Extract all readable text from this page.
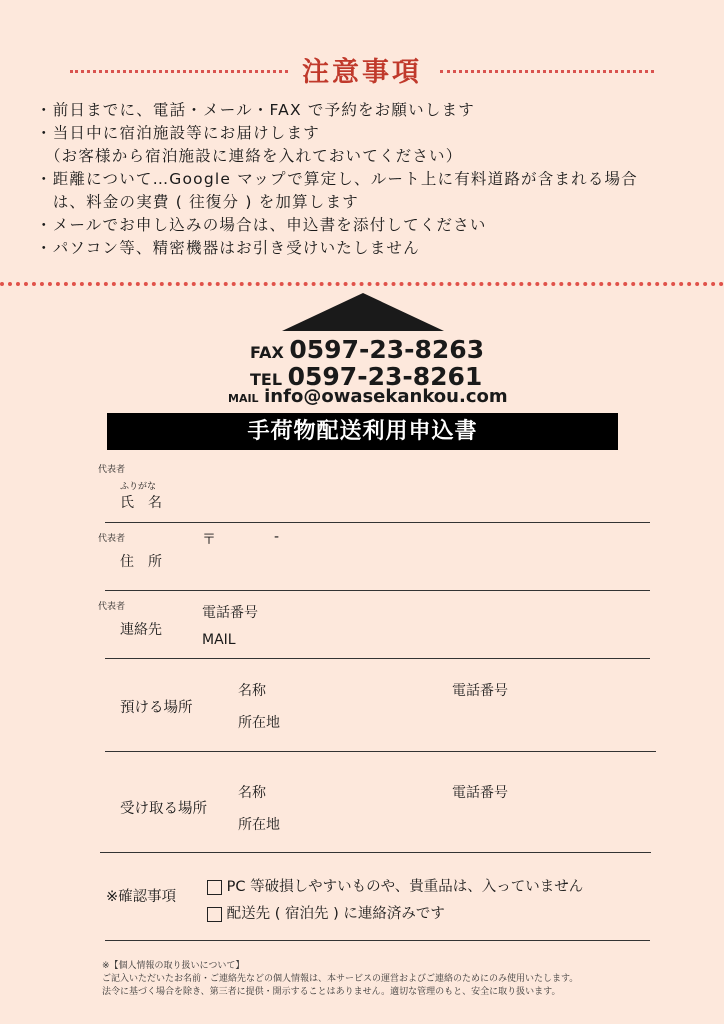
注意事項
・前日までに、電話・メール・FAX で予約をお願いします
・当日中に宿泊施設等にお届けします
　（お客様から宿泊施設に連絡を入れておいてください）
・距離について…Google マップで算定し、ルート上に有料道路が含まれる場合
　は、料金の実費 ( 往復分 ) を加算します
・メールでお申し込みの場合は、申込書を添付してください
・パソコン等、精密機器はお引き受けいたしません
FAX 0597-23-8263
TEL 0597-23-8261
MAIL info@owasekankou.com
手荷物配送利用申込書
代表者
ふりがな
氏　名
代表者	〒	-
住　所
代表者	電話番号
連絡先
MAIL
名称	電話番号
預ける場所
所在地
名称	電話番号
受け取る場所
所在地
※確認事項
PC 等破損しやすいものや、貴重品は、入っていません
配送先 ( 宿泊先 ) に連絡済みです
※【個人情報の取り扱いについて】
ご記入いただいたお名前・ご連絡先などの個人情報は、本サービスの運営およびご連絡のためにのみ使用いたします。
法令に基づく場合を除き、第三者に提供・開示することはありません。適切な管理のもと、安全に取り扱います。
